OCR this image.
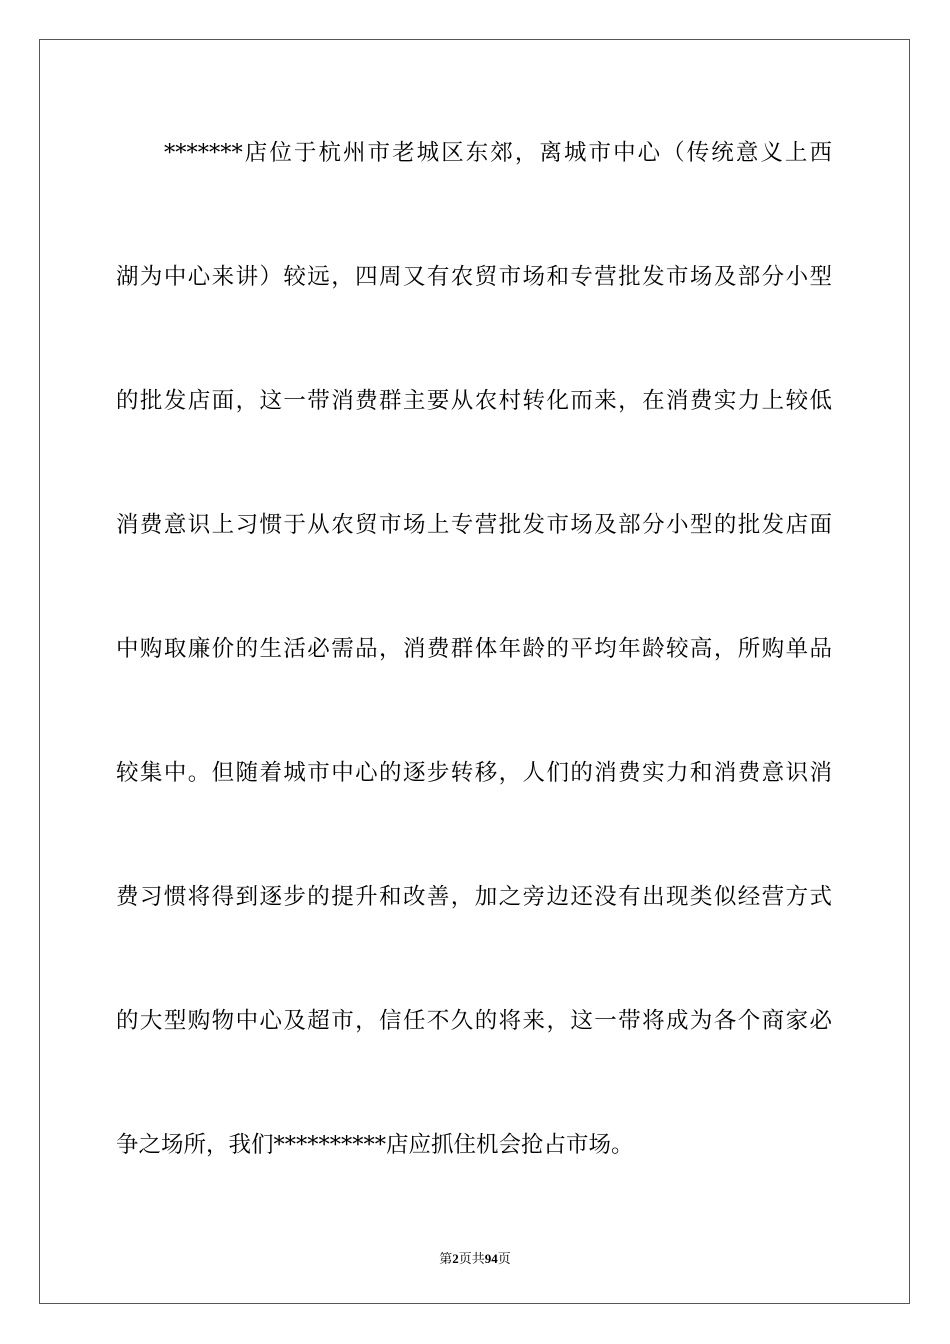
*******店位于杭州市老城区东郊，离城市中心（传统意义上西
湖为中心来讲）较远，四周又有农贸市场和专营批发市场及部分小型
的批发店面，这一带消费群主要从农村转化而来，在消费实力上较低
消费意识上习惯于从农贸市场上专营批发市场及部分小型的批发店面
中购取廉价的生活必需品，消费群体年龄的平均年龄较高，所购单品
较集中。但随着城市中心的逐步转移，人们的消费实力和消费意识消
费习惯将得到逐步的提升和改善，加之旁边还没有出现类似经营方式
的大型购物中心及超市，信任不久的将来，这一带将成为各个商家必
争之场所，我们**********店应抓住机会抢占市场。
第2页共94页
